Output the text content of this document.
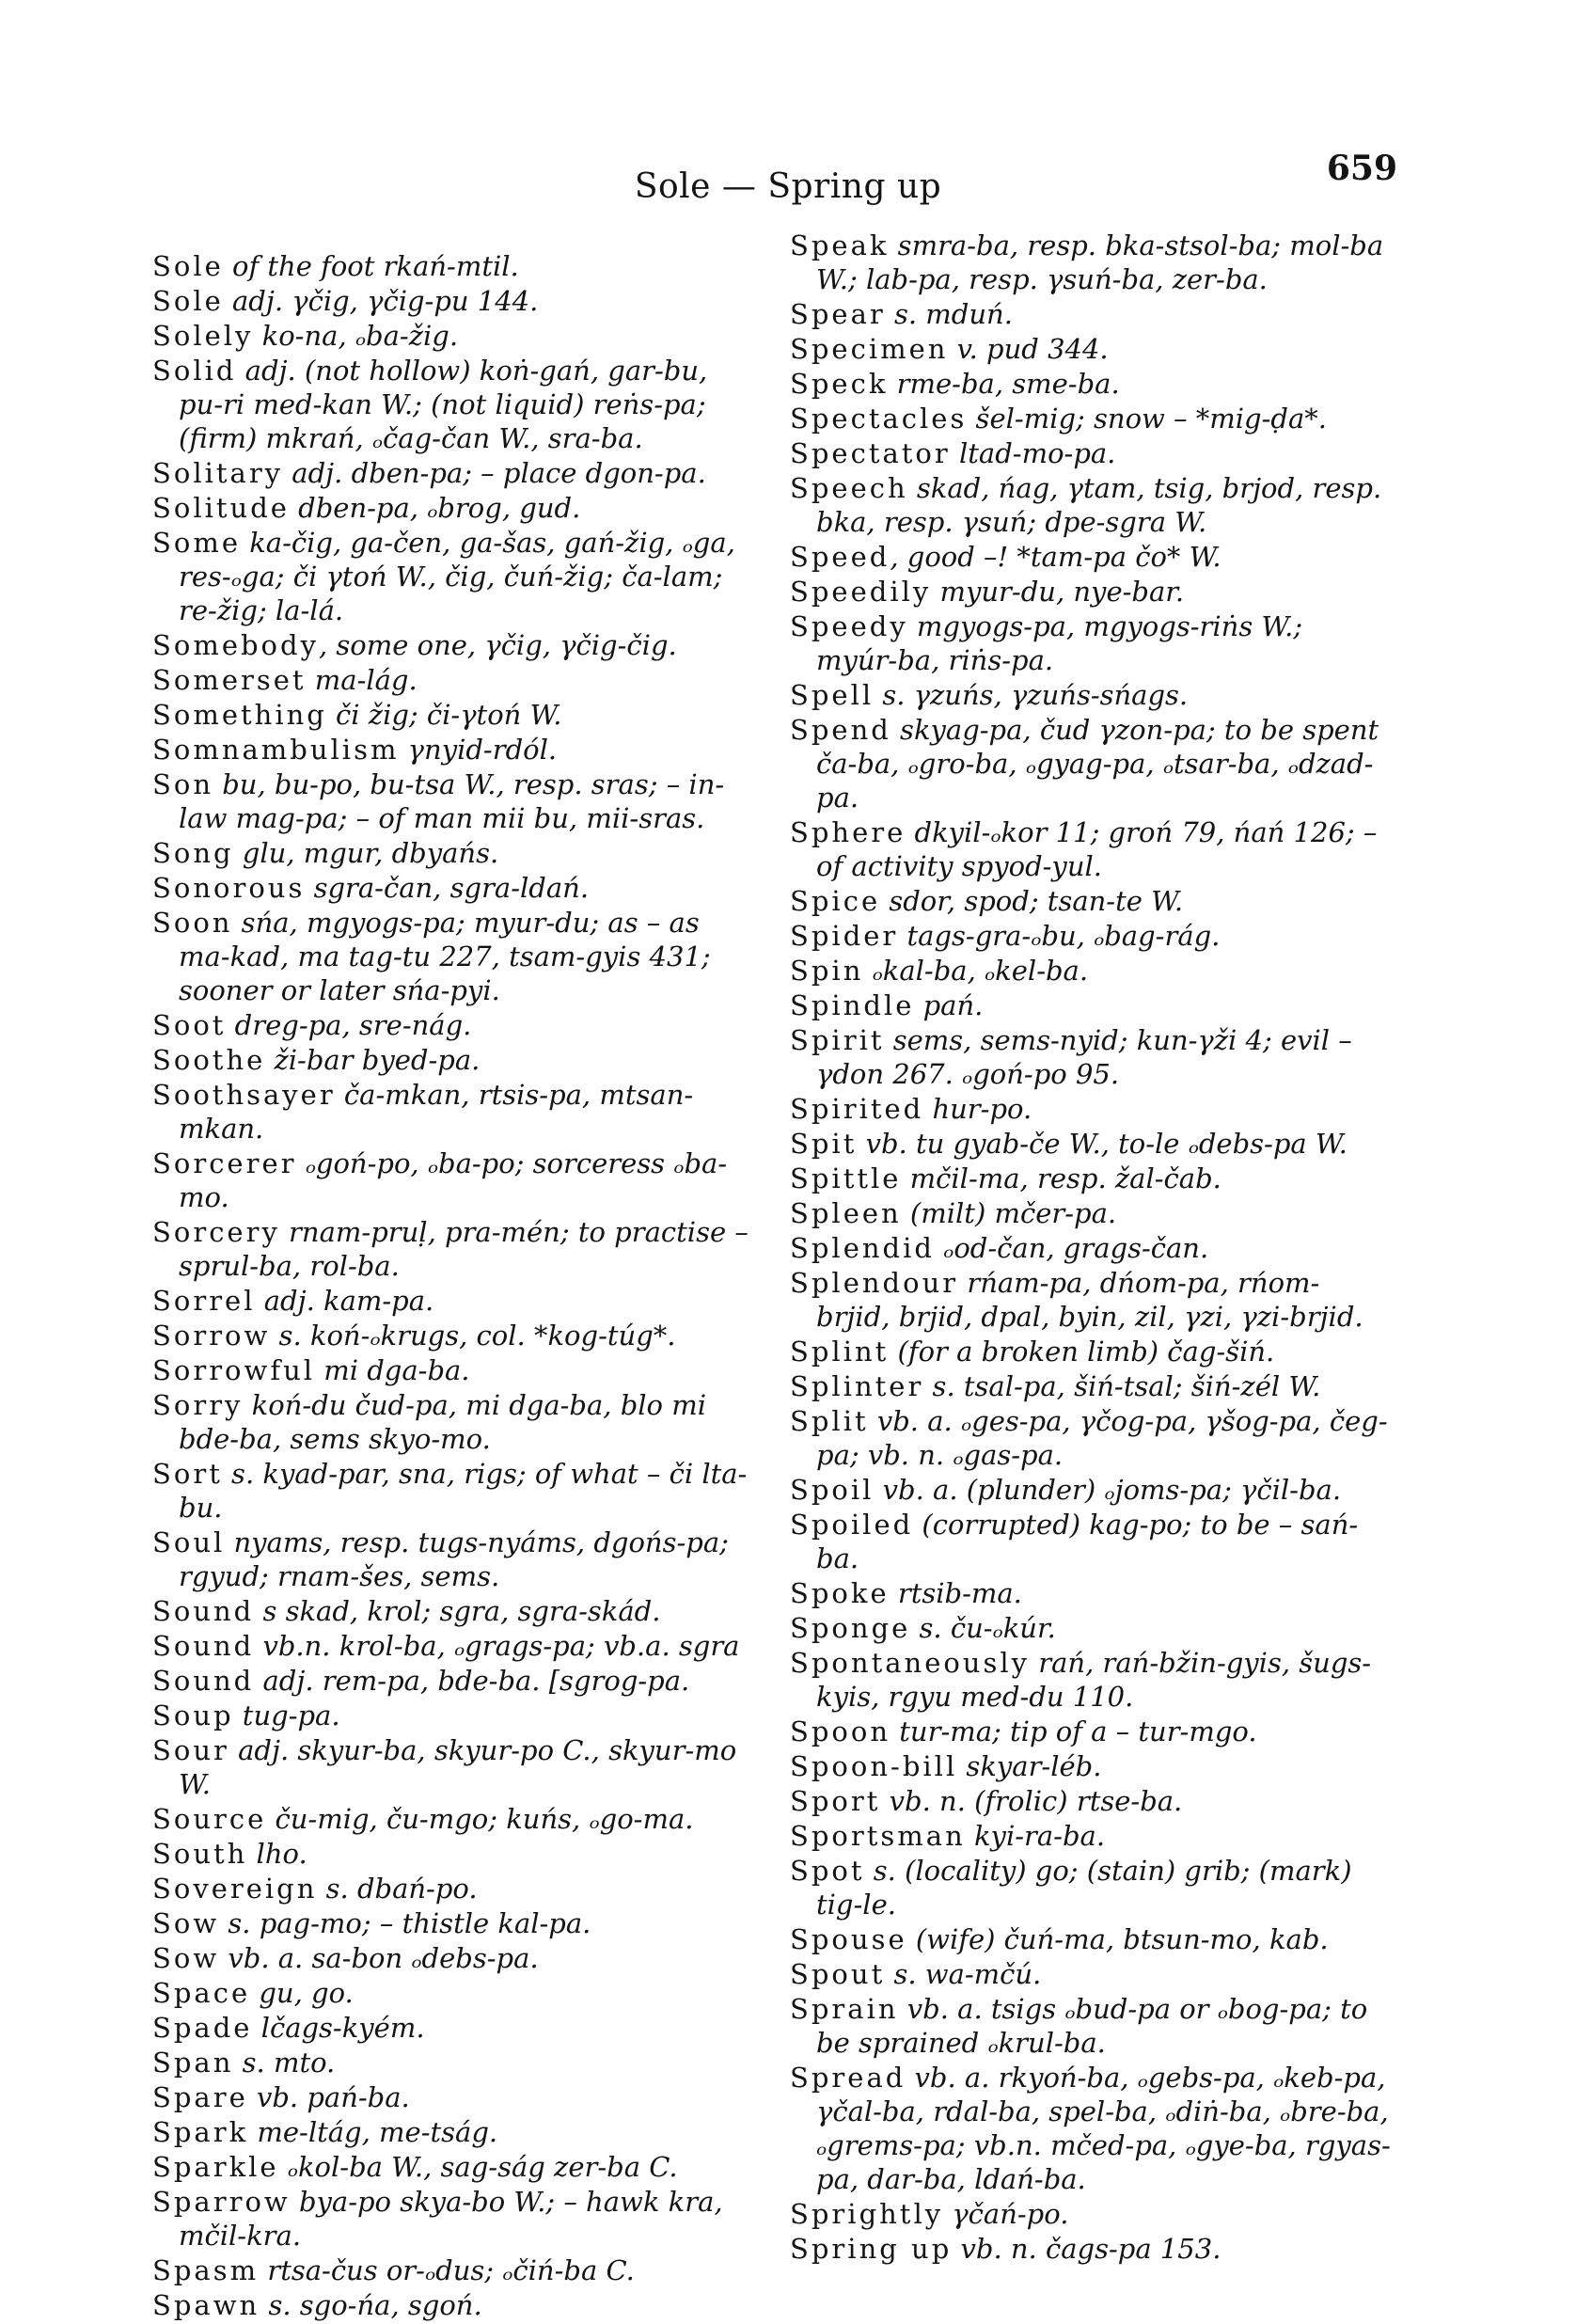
Sole — Spring up	659
Sole of the foot rkań-mtil.
Sole adj. γčig, γčig-pu 144.
Solely ko-na, ₒba-žig.
Solid adj. (not hollow) koṅ-gań, gar-bu, pu-ri med-kan W.; (not liquid) reṅs-pa; (firm) mkrań, ₒčag-čan W., sra-ba.
Solitary adj. dben-pa; – place dgon-pa.
Solitude dben-pa, ₒbrog, gud.
Some ka-čig, ga-čen, ga-šas, gań-žig, ₒga, res-ₒga; či γtoń W., čig, čuń-žig; ča-lam; re-žig; la-lá.
Somebody, some one, γčig, γčig-čig.
Somerset ma-lág.
Something či žig; či-γtoń W.
Somnambulism γnyid-rdól.
Son bu, bu-po, bu-tsa W., resp. sras; – in-law mag-pa; – of man mii bu, mii-sras.
Song glu, mgur, dbyańs.
Sonorous sgra-čan, sgra-ldań.
Soon sńa, mgyogs-pa; myur-du; as – as ma-kad, ma tag-tu 227, tsam-gyis 431; sooner or later sńa-pyi.
Soot dreg-pa, sre-nág.
Soothe ži-bar byed-pa.
Soothsayer ča-mkan, rtsis-pa, mtsan-mkan.
Sorcerer ₒgoń-po, ₒba-po; sorceress ₒba-mo.
Sorcery rnam-pruḷ, pra-mén; to practise – sprul-ba, rol-ba.
Sorrel adj. kam-pa.
Sorrow s. koń-ₒkrugs, col. *kog-túg*.
Sorrowful mi dga-ba.
Sorry koń-du čud-pa, mi dga-ba, blo mi bde-ba, sems skyo-mo.
Sort s. kyad-par, sna, rigs; of what – či lta-bu.
Soul nyams, resp. tugs-nyáms, dgońs-pa; rgyud; rnam-šes, sems.
Sound s skad, krol; sgra, sgra-skád.
Sound vb.n. krol-ba, ₒgrags-pa; vb.a. sgra
Sound adj. rem-pa, bde-ba. [sgrog-pa.
Soup tug-pa.
Sour adj. skyur-ba, skyur-po C., skyur-mo W.
Source ču-mig, ču-mgo; kuńs, ₒgo-ma.
South lho.
Sovereign s. dbań-po.
Sow s. pag-mo; – thistle kal-pa.
Sow vb. a. sa-bon ₒdebs-pa.
Space gu, go.
Spade lčags-kyém.
Span s. mto.
Spare vb. pań-ba.
Spark me-ltág, me-tság.
Sparkle ₒkol-ba W., sag-ság zer-ba C.
Sparrow bya-po skya-bo W.; – hawk kra, mčil-kra.
Spasm rtsa-čus or-ₒdus; ₒčiń-ba C.
Spawn s. sgo-ńa, sgoń.
Speak smra-ba, resp. bka-stsol-ba; mol-ba W.; lab-pa, resp. γsuń-ba, zer-ba.
Spear s. mduń.
Specimen v. pud 344.
Speck rme-ba, sme-ba.
Spectacles šel-mig; snow – *mig-ḍa*.
Spectator ltad-mo-pa.
Speech skad, ńag, γtam, tsig, brjod, resp. bka, resp. γsuń; dpe-sgra W.
Speed, good –! *tam-pa čo* W.
Speedily myur-du, nye-bar.
Speedy mgyogs-pa, mgyogs-riṅs W.; myúr-ba, riṅs-pa.
Spell s. γzuńs, γzuńs-sńags.
Spend skyag-pa, čud γzon-pa; to be spent ča-ba, ₒgro-ba, ₒgyag-pa, ₒtsar-ba, ₒdzad-pa.
Sphere dkyil-ₒkor 11; groń 79, ńań 126; – of activity spyod-yul.
Spice sdor, spod; tsan-te W.
Spider tags-gra-ₒbu, ₒbag-rág.
Spin ₒkal-ba, ₒkel-ba.
Spindle pań.
Spirit sems, sems-nyid; kun-γži 4; evil – γdon 267. ₒgoń-po 95.
Spirited hur-po.
Spit vb. tu gyab-če W., to-le ₒdebs-pa W.
Spittle mčil-ma, resp. žal-čab.
Spleen (milt) mčer-pa.
Splendid ₒod-čan, grags-čan.
Splendour rńam-pa, dńom-pa, rńom-brjid, brjid, dpal, byin, zil, γzi, γzi-brjid.
Splint (for a broken limb) čag-šiń.
Splinter s. tsal-pa, šiń-tsal; šiń-zél W.
Split vb. a. ₒges-pa, γčog-pa, γšog-pa, čeg-pa; vb. n. ₒgas-pa.
Spoil vb. a. (plunder) ₒjoms-pa; γčil-ba.
Spoiled (corrupted) kag-po; to be – sań-ba.
Spoke rtsib-ma.
Sponge s. ču-ₒkúr.
Spontaneously rań, rań-bžin-gyis, šugs-kyis, rgyu med-du 110.
Spoon tur-ma; tip of a – tur-mgo.
Spoon-bill skyar-léb.
Sport vb. n. (frolic) rtse-ba.
Sportsman kyi-ra-ba.
Spot s. (locality) go; (stain) grib; (mark) tig-le.
Spouse (wife) čuń-ma, btsun-mo, kab.
Spout s. wa-mčú.
Sprain vb. a. tsigs ₒbud-pa or ₒbog-pa; to be sprained ₒkrul-ba.
Spread vb. a. rkyoń-ba, ₒgebs-pa, ₒkeb-pa, γčal-ba, rdal-ba, spel-ba, ₒdiṅ-ba, ₒbre-ba, ₒgrems-pa; vb.n. mčed-pa, ₒgye-ba, rgyas-pa, dar-ba, ldań-ba.
Sprightly γčań-po.
Spring up vb. n. čags-pa 153.
